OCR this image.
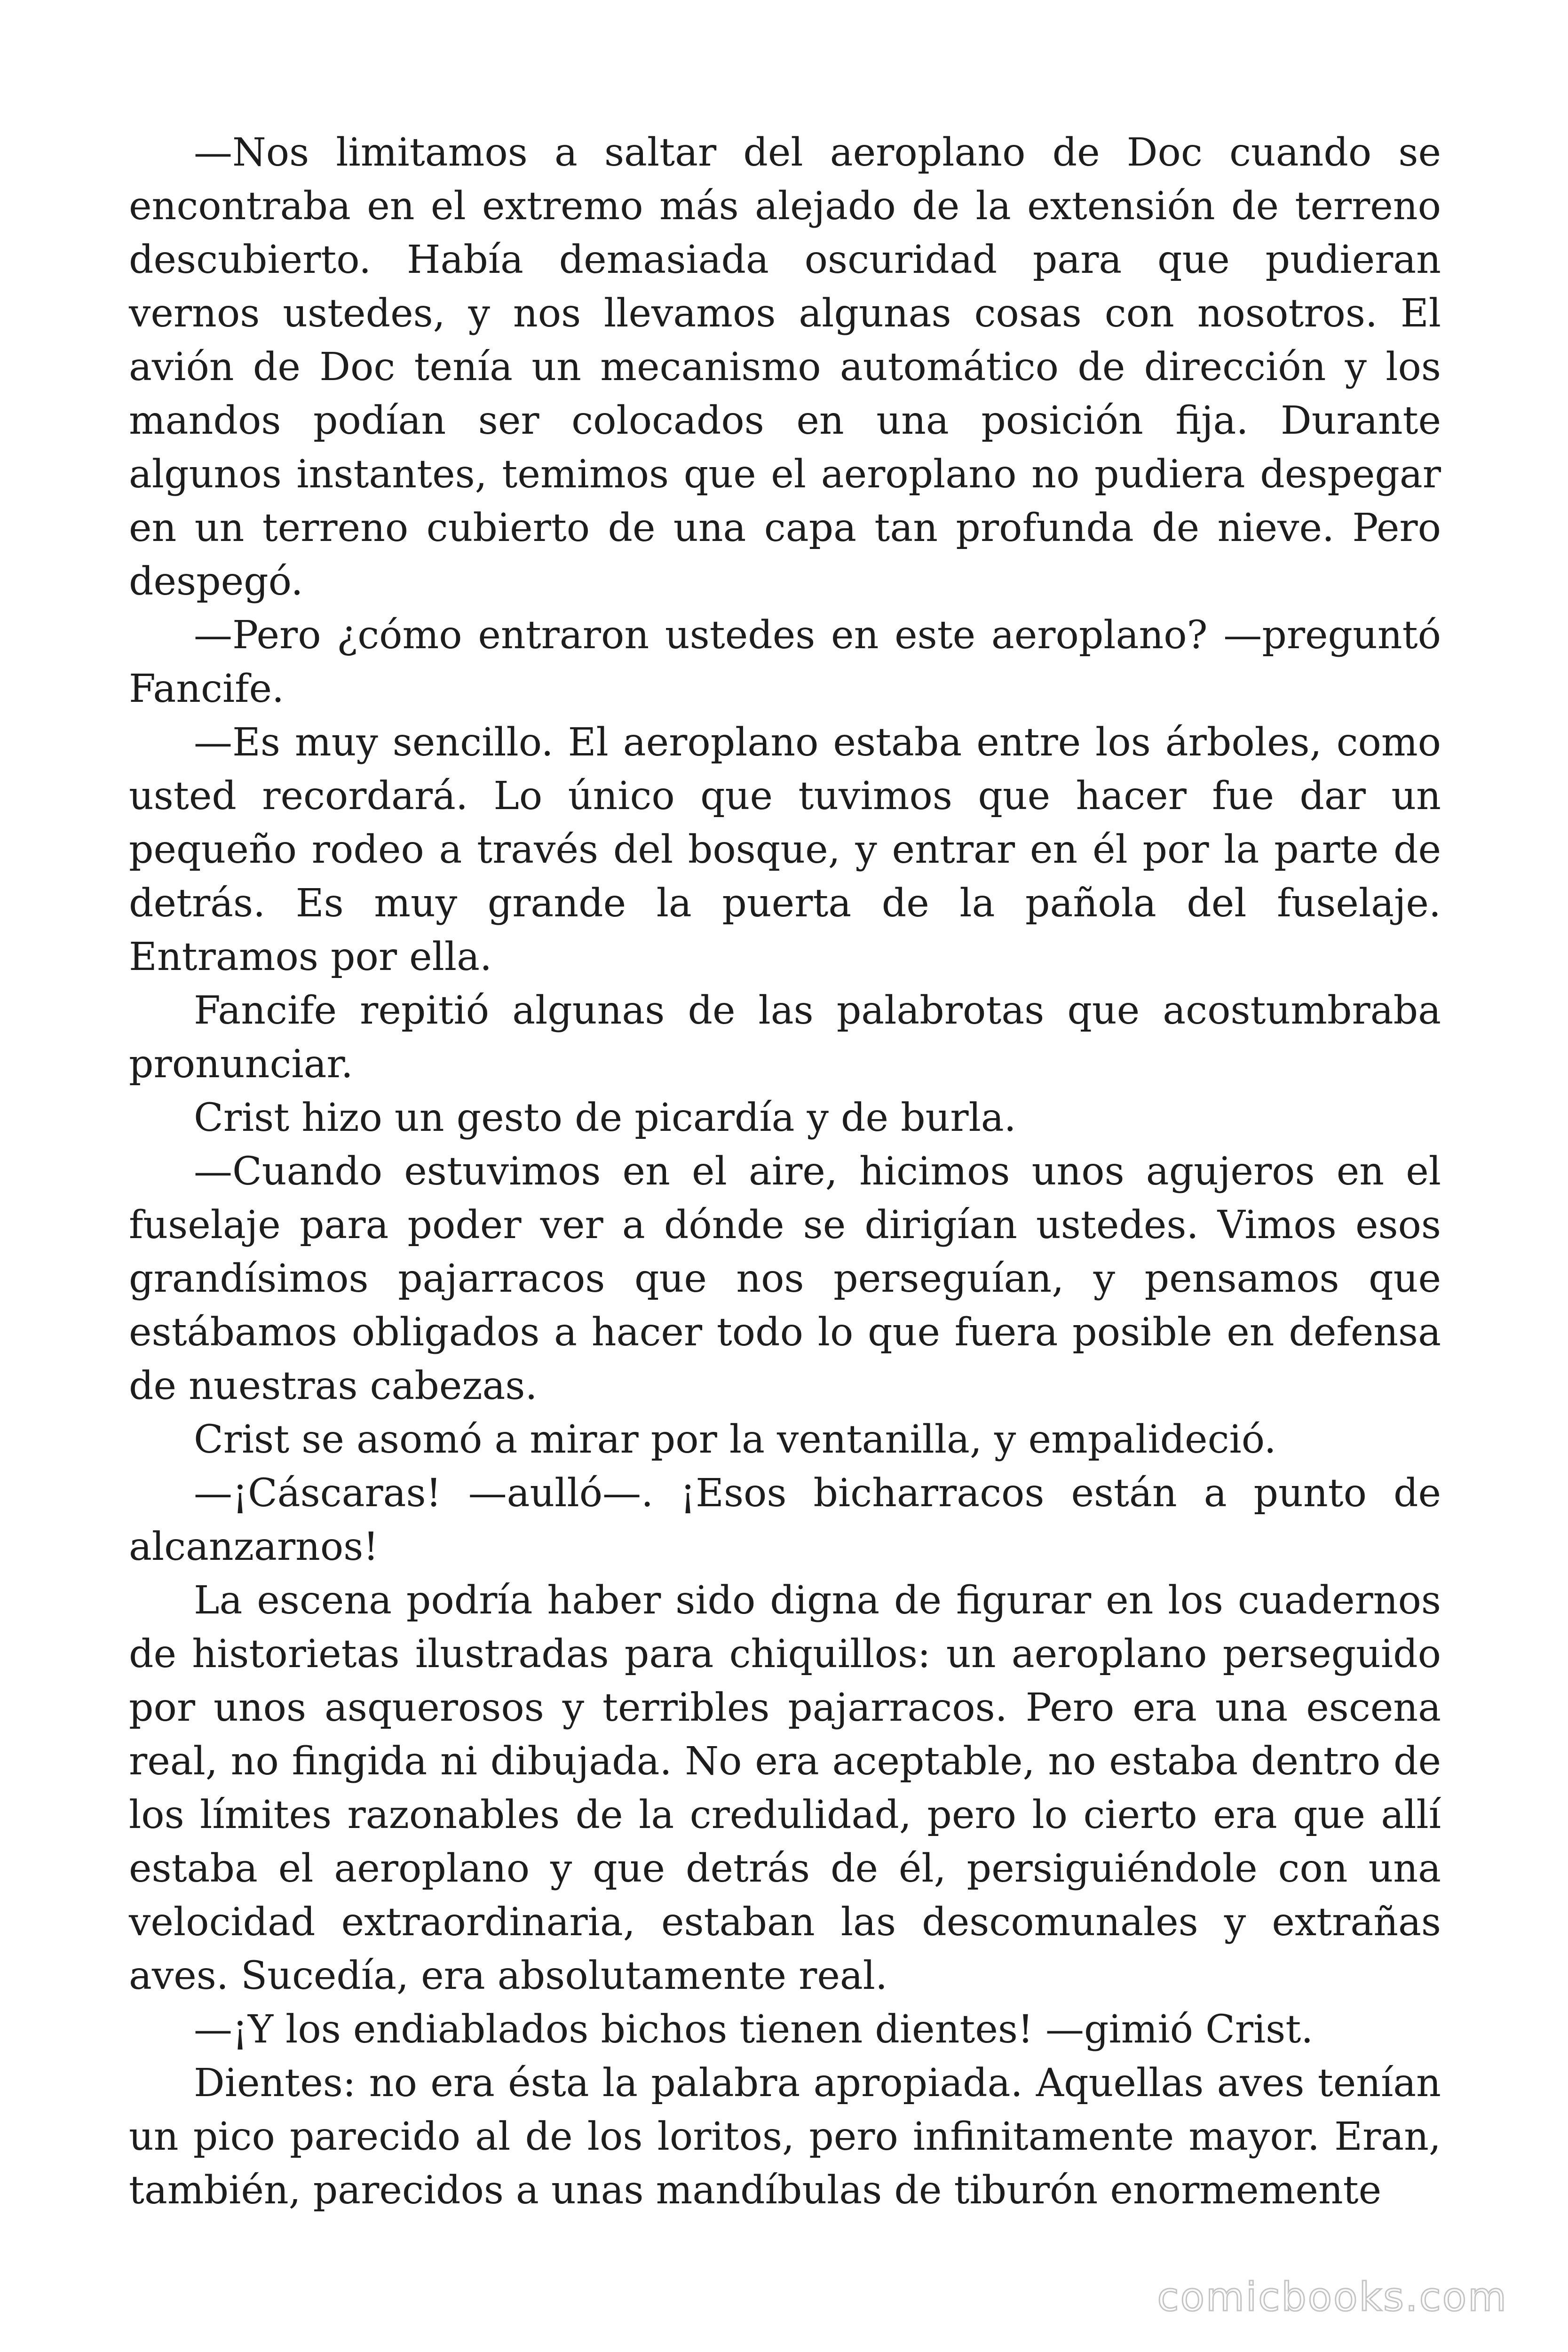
—Nos limitamos a saltar del aeroplano de Doc cuando se encontraba en el extremo más alejado de la extensión de terreno descubierto. Había demasiada oscuridad para que pudieran vernos ustedes, y nos llevamos algunas cosas con nosotros. El avión de Doc tenía un mecanismo automático de dirección y los mandos podían ser colocados en una posición fija. Durante algunos instantes, temimos que el aeroplano no pudiera despegar en un terreno cubierto de una capa tan profunda de nieve. Pero despegó.

—Pero ¿cómo entraron ustedes en este aeroplano? —preguntó Fancife.

—Es muy sencillo. El aeroplano estaba entre los árboles, como usted recordará. Lo único que tuvimos que hacer fue dar un pequeño rodeo a través del bosque, y entrar en él por la parte de detrás. Es muy grande la puerta de la pañola del fuselaje. Entramos por ella.

Fancife repitió algunas de las palabrotas que acostumbraba pronunciar.

Crist hizo un gesto de picardía y de burla.

—Cuando estuvimos en el aire, hicimos unos agujeros en el fuselaje para poder ver a dónde se dirigían ustedes. Vimos esos grandísimos pajarracos que nos perseguían, y pensamos que estábamos obligados a hacer todo lo que fuera posible en defensa de nuestras cabezas.

Crist se asomó a mirar por la ventanilla, y empalideció.

—¡Cáscaras! —aulló—. ¡Esos bicharracos están a punto de alcanzarnos!

La escena podría haber sido digna de figurar en los cuadernos de historietas ilustradas para chiquillos: un aeroplano perseguido por unos asquerosos y terribles pajarracos. Pero era una escena real, no fingida ni dibujada. No era aceptable, no estaba dentro de los límites razonables de la credulidad, pero lo cierto era que allí estaba el aeroplano y que detrás de él, persiguiéndole con una velocidad extraordinaria, estaban las descomunales y extrañas aves. Sucedía, era absolutamente real.

—¡Y los endiablados bichos tienen dientes! —gimió Crist.

Dientes: no era ésta la palabra apropiada. Aquellas aves tenían un pico parecido al de los loritos, pero infinitamente mayor. Eran, también, parecidos a unas mandíbulas de tiburón enormemente

comicbooks.com
